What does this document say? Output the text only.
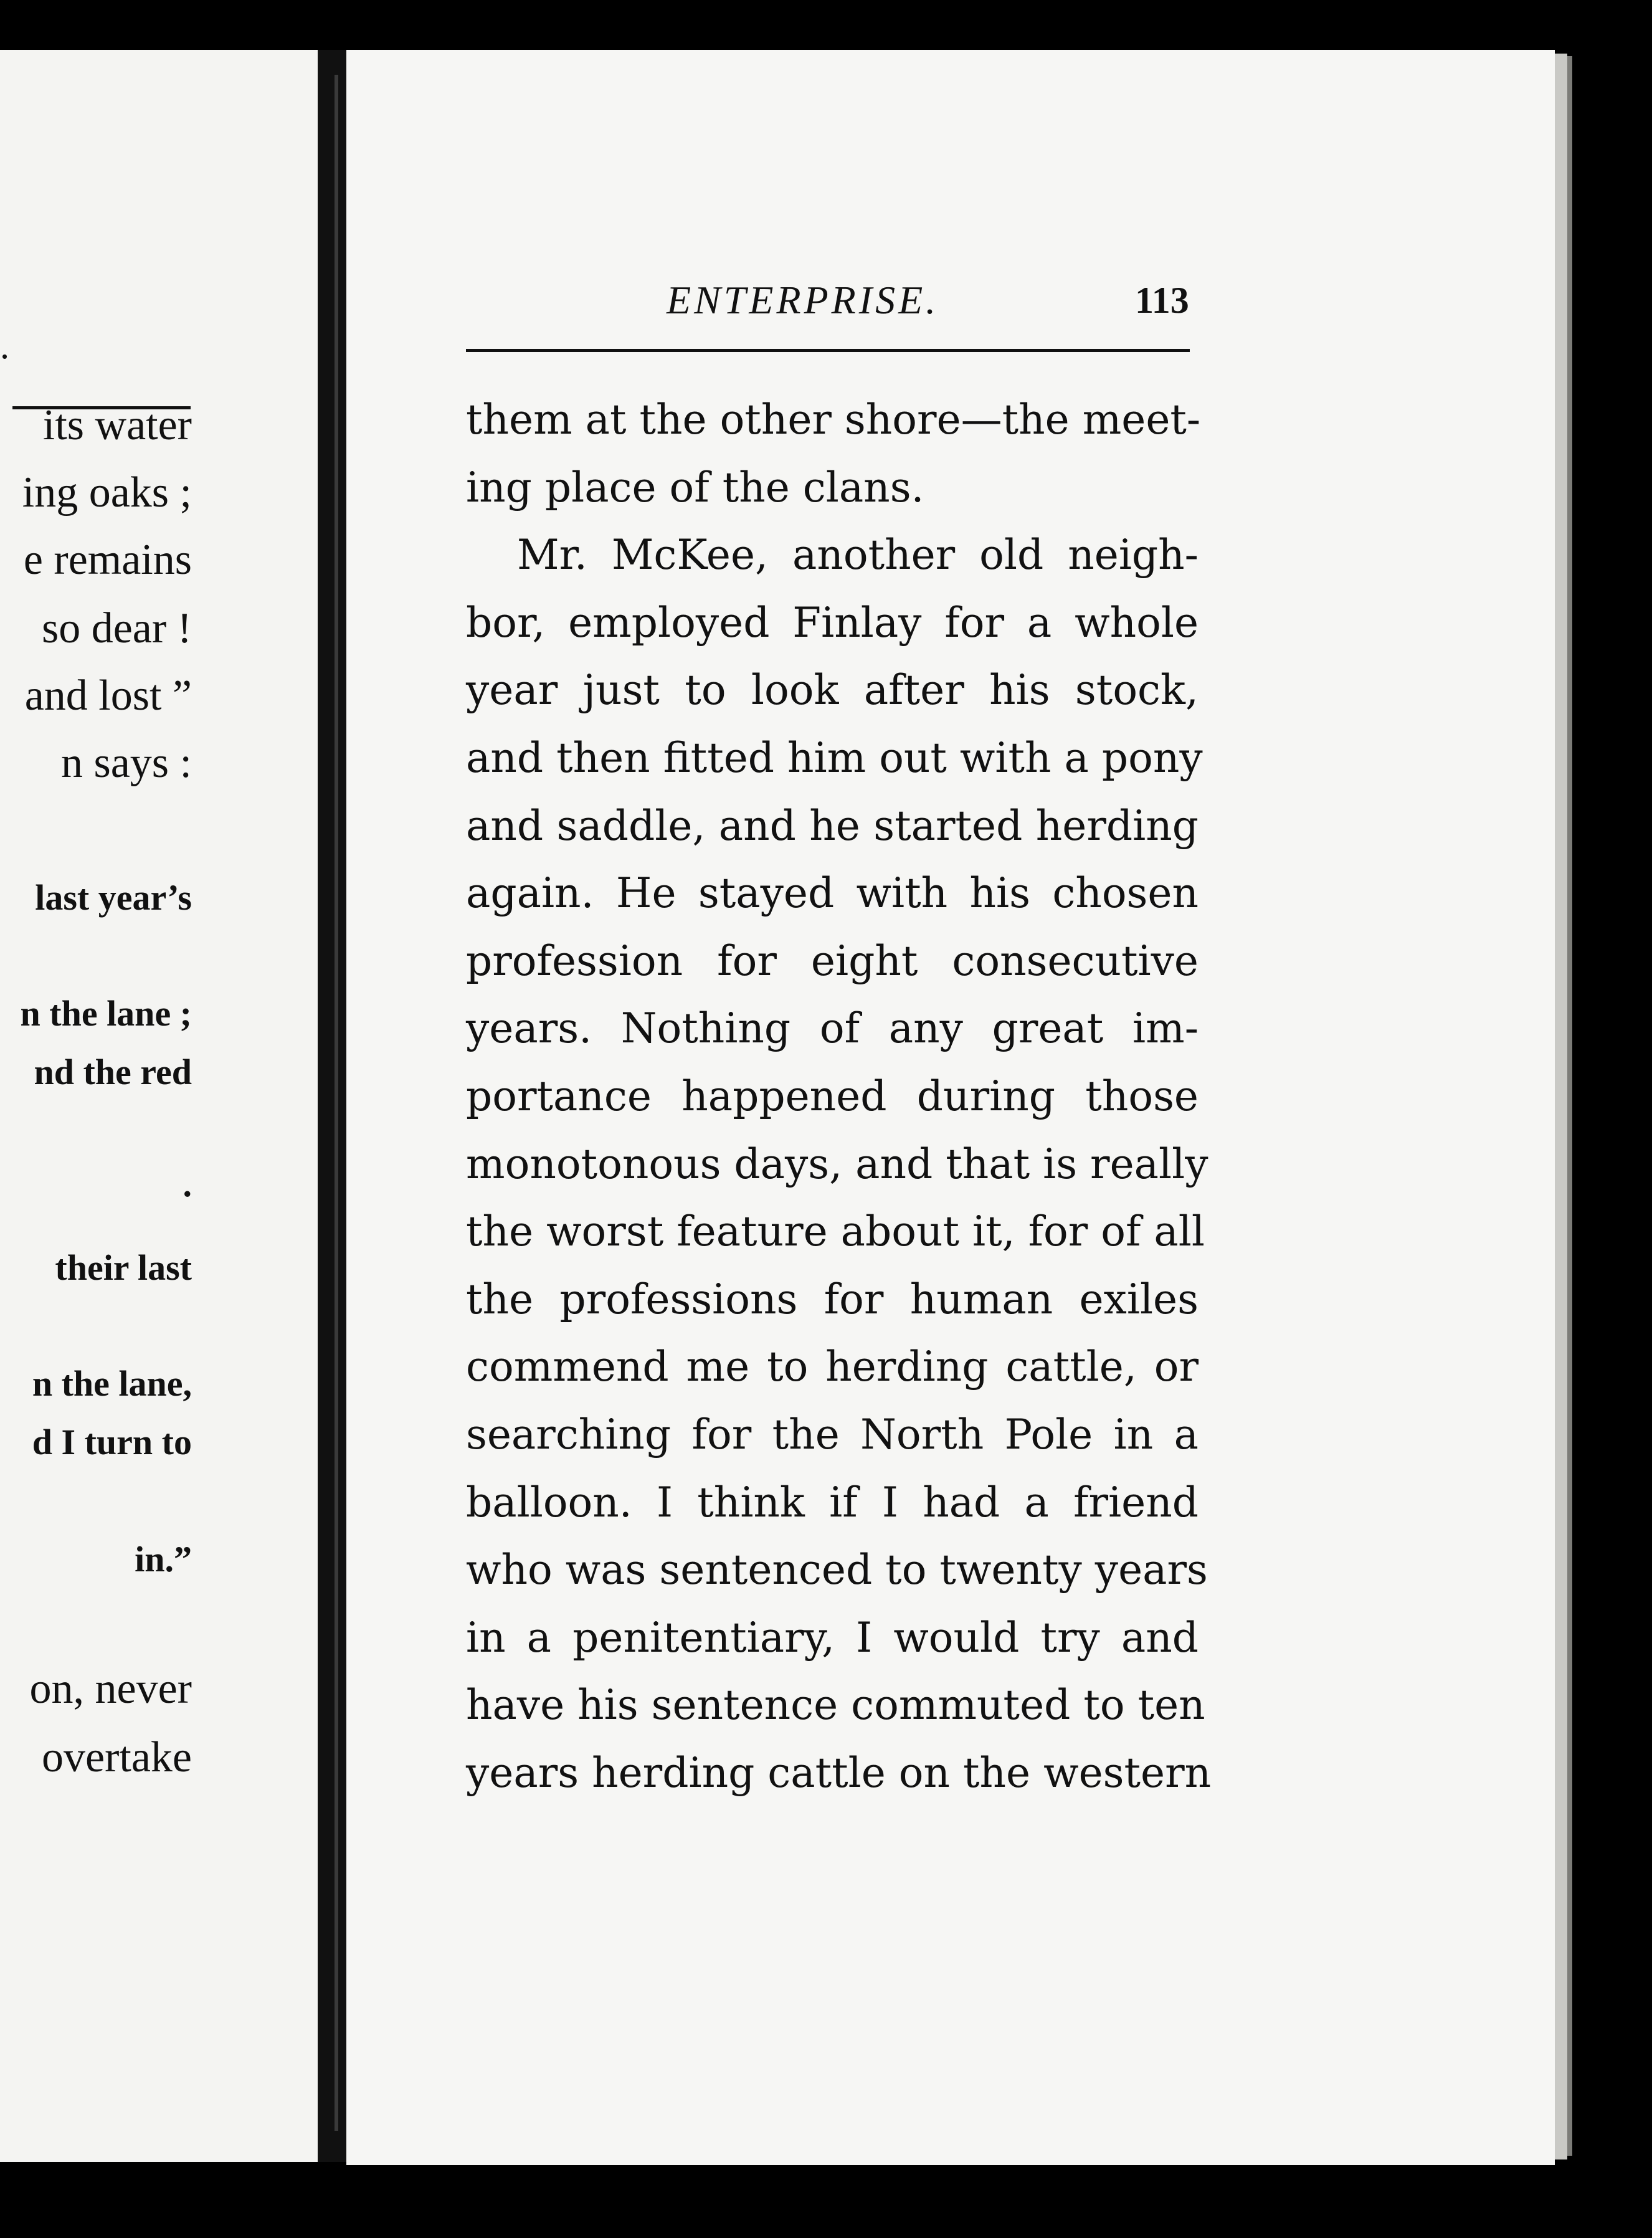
.
its water
ing oaks ;
e remains
so dear !
and lost ”
n says :
last year’s
n the lane ;
nd the red
.
their last
n the lane,
d I turn to
in.”
on, never
overtake
ENTERPRISE.	113
them at the other shore—the meet-
ing place of the clans.
Mr. McKee, another old neigh-
bor, employed Finlay for a whole
year just to look after his stock,
and then fitted him out with a pony
and saddle, and he started herding
again. He stayed with his chosen
profession for eight consecutive
years. Nothing of any great im-
portance happened during those
monotonous days, and that is really
the worst feature about it, for of all
the professions for human exiles
commend me to herding cattle, or
searching for the North Pole in a
balloon. I think if I had a friend
who was sentenced to twenty years
in a penitentiary, I would try and
have his sentence commuted to ten
years herding cattle on the western
